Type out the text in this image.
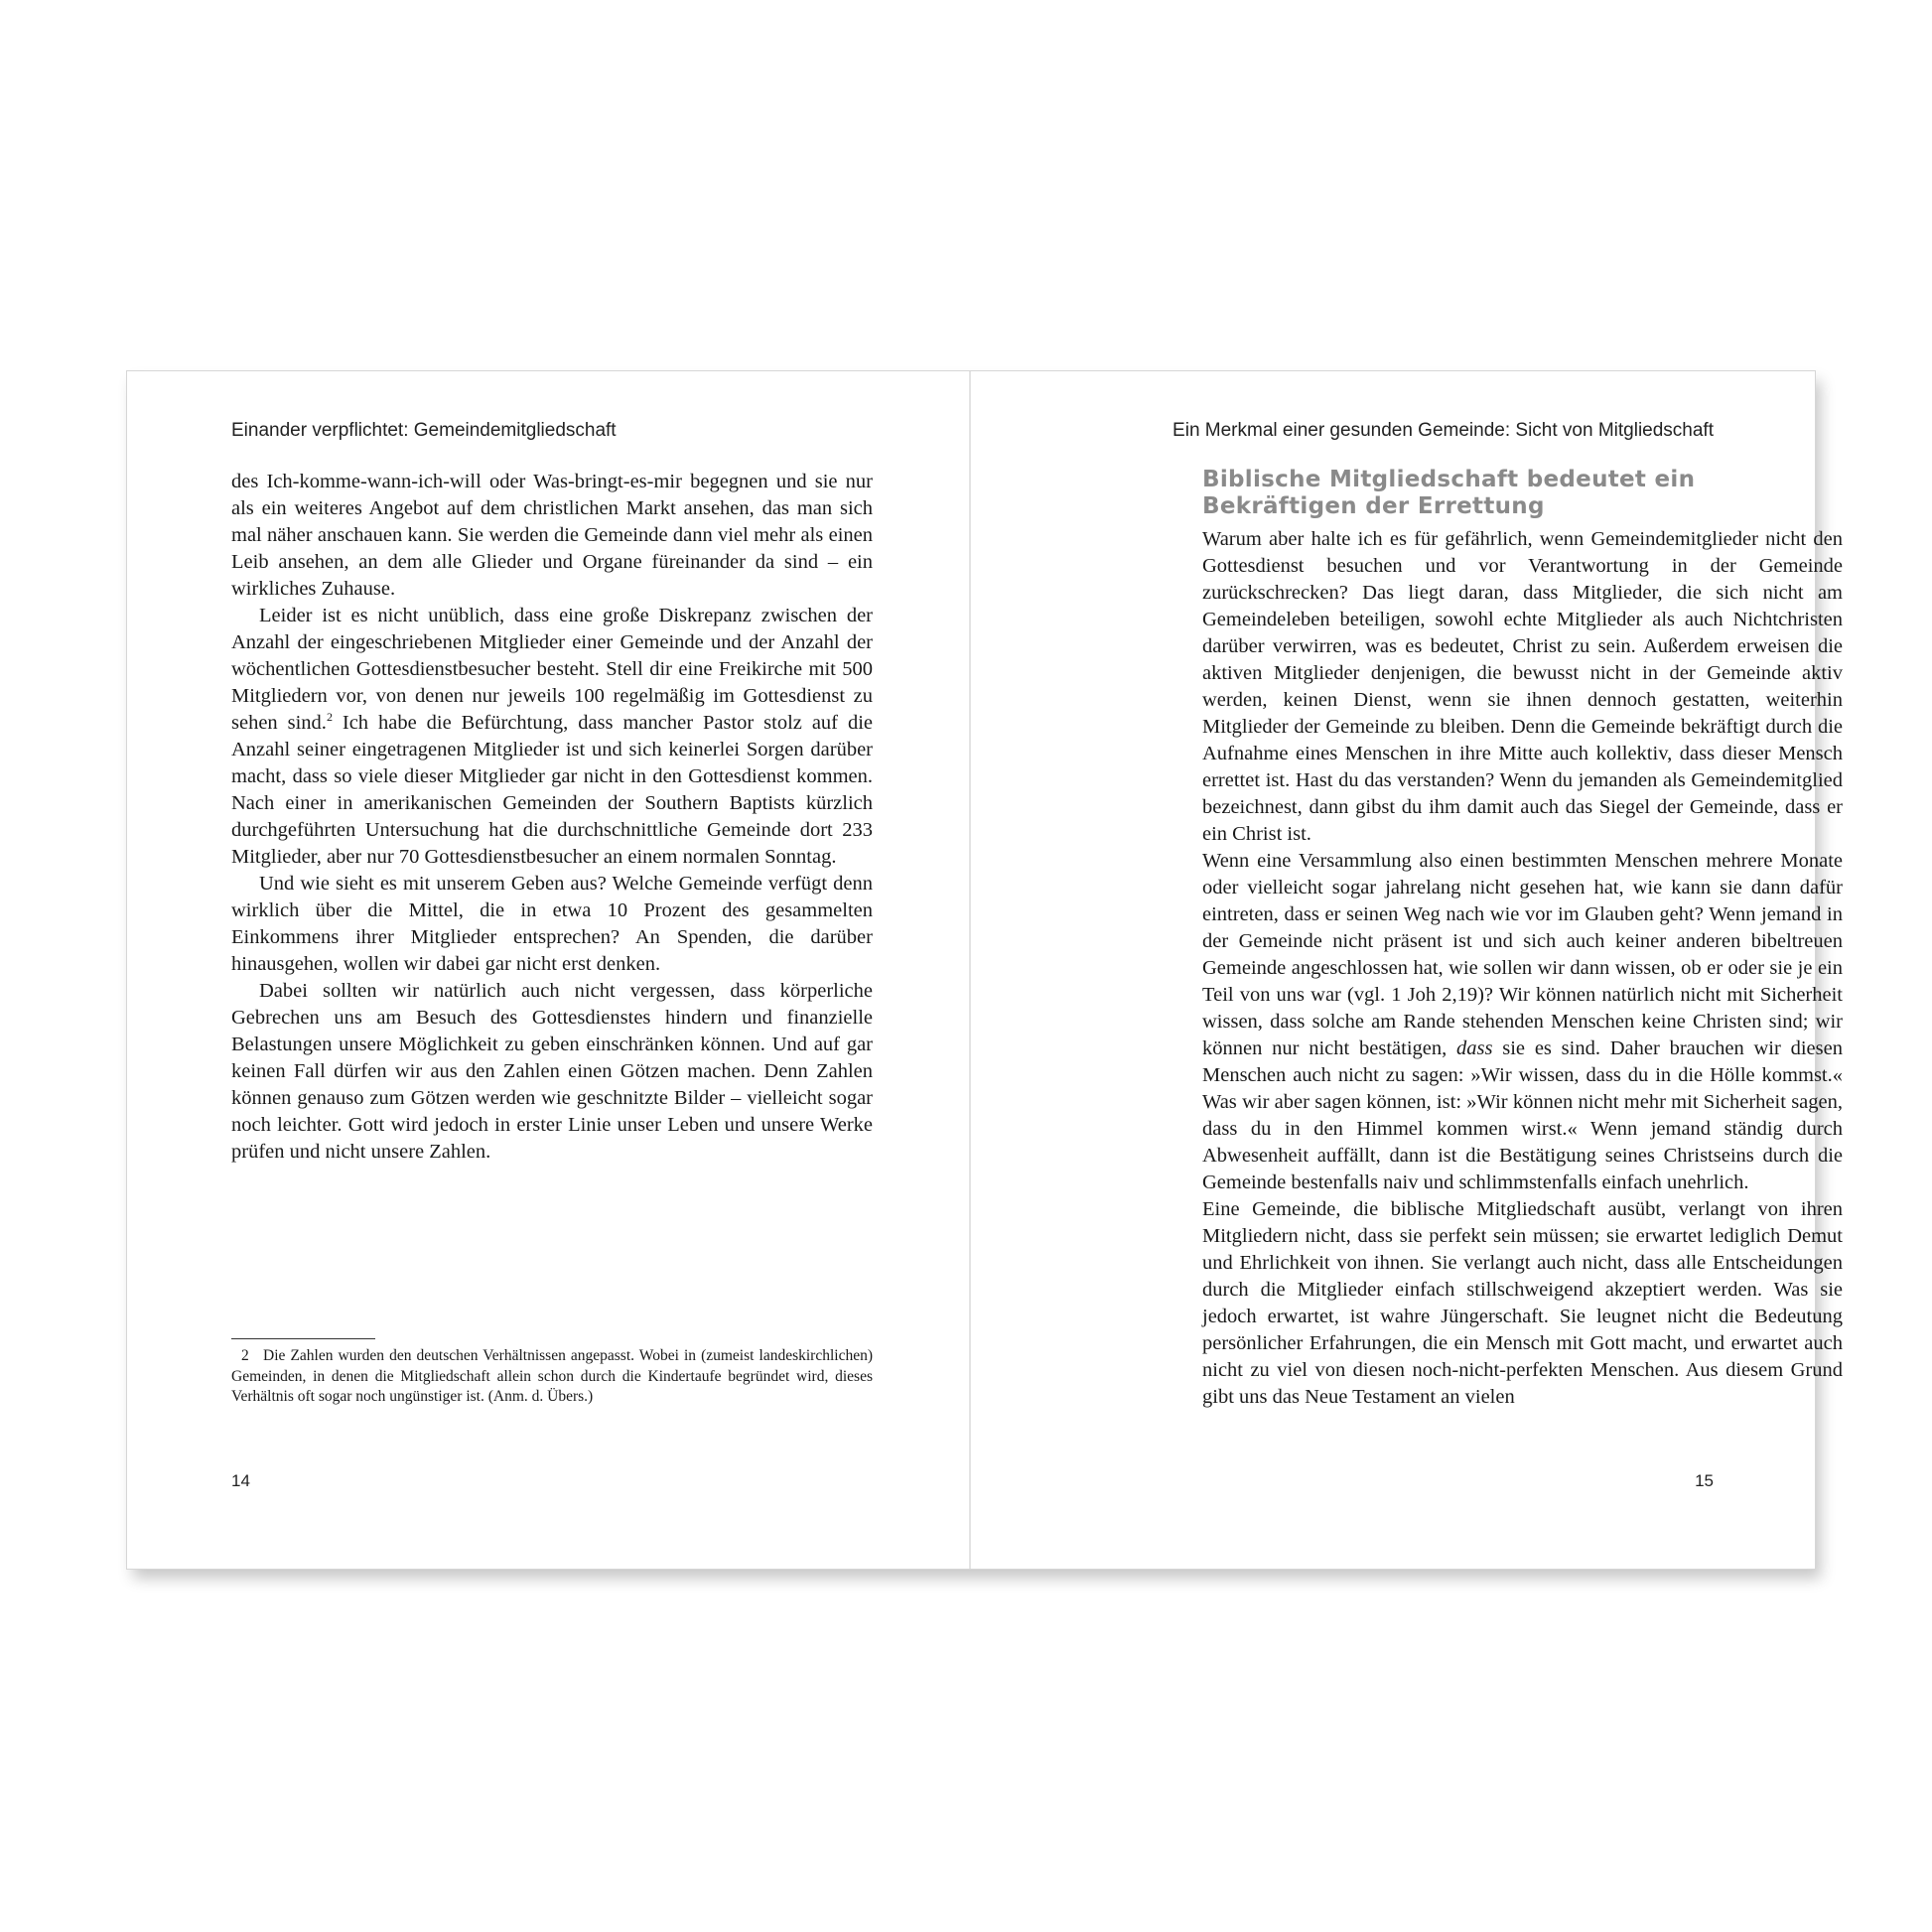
Einander verpflichtet: Gemeindemitgliedschaft

des Ich-komme-wann-ich-will oder Was-bringt-es-mir begegnen und sie nur als ein weiteres Angebot auf dem christlichen Markt ansehen, das man sich mal näher anschauen kann. Sie werden die Gemeinde dann viel mehr als einen Leib ansehen, an dem alle Glieder und Organe füreinander da sind – ein wirkliches Zuhause.

Leider ist es nicht unüblich, dass eine große Diskrepanz zwischen der Anzahl der eingeschriebenen Mitglieder einer Gemeinde und der Anzahl der wöchentlichen Gottesdienstbesucher besteht. Stell dir eine Freikirche mit 500 Mitgliedern vor, von denen nur jeweils 100 regelmäßig im Gottesdienst zu sehen sind.$^2$ Ich habe die Befürchtung, dass mancher Pastor stolz auf die Anzahl seiner eingetragenen Mitglieder ist und sich keinerlei Sorgen darüber macht, dass so viele dieser Mitglieder gar nicht in den Gottesdienst kommen. Nach einer in amerikanischen Gemeinden der Southern Baptists kürzlich durchgeführten Untersuchung hat die durchschnittliche Gemeinde dort 233 Mitglieder, aber nur 70 Gottesdienstbesucher an einem normalen Sonntag.

Und wie sieht es mit unserem Geben aus? Welche Gemeinde verfügt denn wirklich über die Mittel, die in etwa 10 Prozent des gesammelten Einkommens ihrer Mitglieder entsprechen? An Spenden, die darüber hinausgehen, wollen wir dabei gar nicht erst denken.

Dabei sollten wir natürlich auch nicht vergessen, dass körperliche Gebrechen uns am Besuch des Gottesdienstes hindern und finanzielle Belastungen unsere Möglichkeit zu geben einschränken können. Und auf gar keinen Fall dürfen wir aus den Zahlen einen Götzen machen. Denn Zahlen können genauso zum Götzen werden wie geschnitzte Bilder – vielleicht sogar noch leichter. Gott wird jedoch in erster Linie unser Leben und unsere Werke prüfen und nicht unsere Zahlen.

2 Die Zahlen wurden den deutschen Verhältnissen angepasst. Wobei in (zumeist landeskirchlichen) Gemeinden, in denen die Mitgliedschaft allein schon durch die Kindertaufe begründet wird, dieses Verhältnis oft sogar noch ungünstiger ist. (Anm. d. Übers.)
14
Ein Merkmal einer gesunden Gemeinde: Sicht von Mitgliedschaft
Biblische Mitgliedschaft bedeutet ein
Bekräftigen der Errettung

Warum aber halte ich es für gefährlich, wenn Gemeindemitglieder nicht den Gottesdienst besuchen und vor Verantwortung in der Gemeinde zurückschrecken? Das liegt daran, dass Mitglieder, die sich nicht am Gemeindeleben beteiligen, sowohl echte Mitglieder als auch Nichtchristen darüber verwirren, was es bedeutet, Christ zu sein. Außerdem erweisen die aktiven Mitglieder denjenigen, die bewusst nicht in der Gemeinde aktiv werden, keinen Dienst, wenn sie ihnen dennoch gestatten, weiterhin Mitglieder der Gemeinde zu bleiben. Denn die Gemeinde bekräftigt durch die Aufnahme eines Menschen in ihre Mitte auch kollektiv, dass dieser Mensch errettet ist. Hast du das verstanden? Wenn du jemanden als Gemeindemitglied bezeichnest, dann gibst du ihm damit auch das Siegel der Gemeinde, dass er ein Christ ist.

Wenn eine Versammlung also einen bestimmten Menschen mehrere Monate oder vielleicht sogar jahrelang nicht gesehen hat, wie kann sie dann dafür eintreten, dass er seinen Weg nach wie vor im Glauben geht? Wenn jemand in der Gemeinde nicht präsent ist und sich auch keiner anderen bibeltreuen Gemeinde angeschlossen hat, wie sollen wir dann wissen, ob er oder sie je ein Teil von uns war (vgl. 1 Joh 2,19)? Wir können natürlich nicht mit Sicherheit wissen, dass solche am Rande stehenden Menschen keine Christen sind; wir können nur nicht bestätigen, dass sie es sind. Daher brauchen wir diesen Menschen auch nicht zu sagen: »Wir wissen, dass du in die Hölle kommst.« Was wir aber sagen können, ist: »Wir können nicht mehr mit Sicherheit sagen, dass du in den Himmel kommen wirst.« Wenn jemand ständig durch Abwesenheit auffällt, dann ist die Bestätigung seines Christseins durch die Gemeinde bestenfalls naiv und schlimmstenfalls einfach unehrlich.

Eine Gemeinde, die biblische Mitgliedschaft ausübt, verlangt von ihren Mitgliedern nicht, dass sie perfekt sein müssen; sie erwartet lediglich Demut und Ehrlichkeit von ihnen. Sie verlangt auch nicht, dass alle Entscheidungen durch die Mitglieder einfach stillschweigend akzeptiert werden. Was sie jedoch erwartet, ist wahre Jüngerschaft. Sie leugnet nicht die Bedeutung persönlicher Erfahrungen, die ein Mensch mit Gott macht, und erwartet auch nicht zu viel von diesen noch-nicht-perfekten Menschen. Aus diesem Grund gibt uns das Neue Testament an vielen

15
